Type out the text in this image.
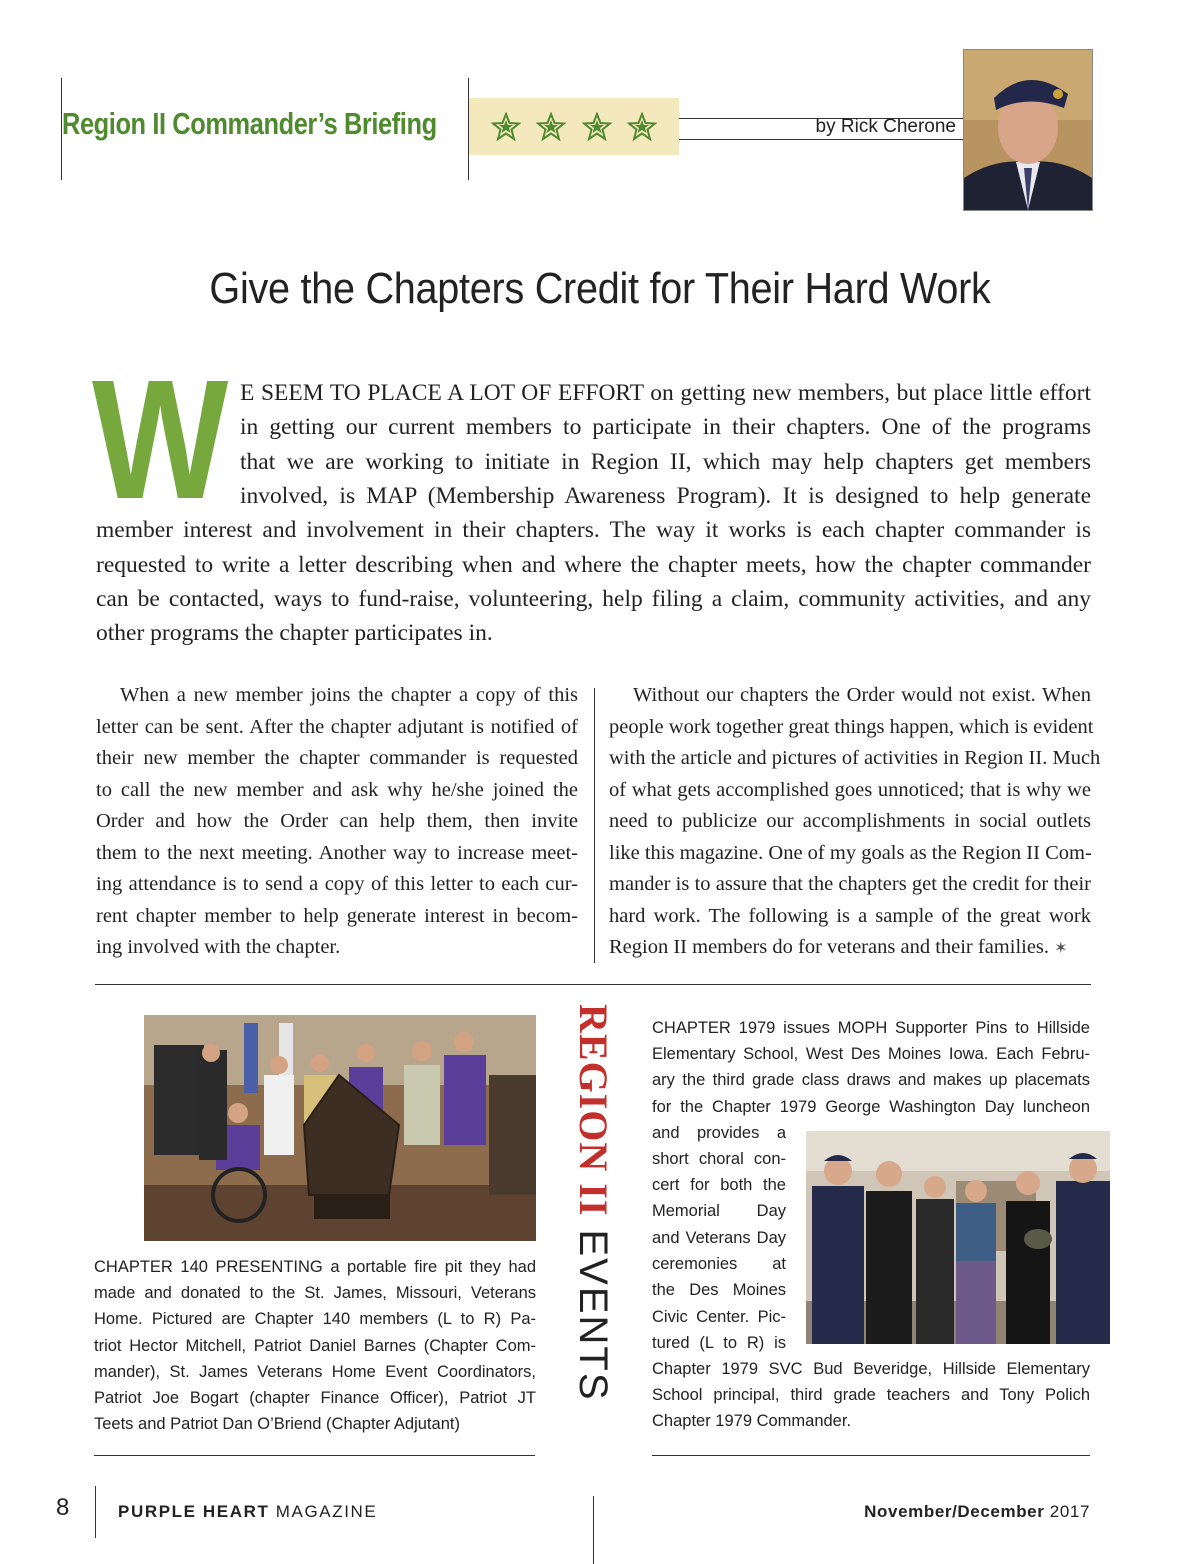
Region II Commander’s Briefing	by Rick Cherone
Give the Chapters Credit for Their Hard Work
W E SEEM TO PLACE A LOT OF EFFORT on getting new members, but place little effort
in getting our current members to participate in their chapters. One of the programs
that we are working to initiate in Region II, which may help chapters get members
involved, is MAP (Membership Awareness Program). It is designed to help generate
member interest and involvement in their chapters. The way it works is each chapter commander is
requested to write a letter describing when and where the chapter meets, how the chapter commander
can be contacted, ways to fund-raise, volunteering, help filing a claim, community activities, and any
other programs the chapter participates in.
When a new member joins the chapter a copy of this
letter can be sent. After the chapter adjutant is notified of
their new member the chapter commander is requested
to call the new member and ask why he/she joined the
Order and how the Order can help them, then invite
them to the next meeting. Another way to increase meet-
ing attendance is to send a copy of this letter to each cur-
rent chapter member to help generate interest in becom-
ing involved with the chapter.
Without our chapters the Order would not exist. When
people work together great things happen, which is evident
with the article and pictures of activities in Region II. Much
of what gets accomplished goes unnoticed; that is why we
need to publicize our accomplishments in social outlets
like this magazine. One of my goals as the Region II Com-
mander is to assure that the chapters get the credit for their
hard work. The following is a sample of the great work
Region II members do for veterans and their families. ✶
CHAPTER 140 PRESENTING a portable fire pit they had
made and donated to the St. James, Missouri, Veterans
Home. Pictured are Chapter 140 members (L to R) Pa-
triot Hector Mitchell, Patriot Daniel Barnes (Chapter Com-
mander), St. James Veterans Home Event Coordinators,
Patriot Joe Bogart (chapter Finance Officer), Patriot JT
Teets and Patriot Dan O’Briend (Chapter Adjutant)
REGION II EVENTS
CHAPTER 1979 issues MOPH Supporter Pins to Hillside
Elementary School, West Des Moines Iowa. Each Febru-
ary the third grade class draws and makes up placemats
for the Chapter 1979 George Washington Day luncheon
and provides a
short choral con-
cert for both the
Memorial Day
and Veterans Day
ceremonies at
the Des Moines
Civic Center. Pic-
tured (L to R) is
Chapter 1979 SVC Bud Beveridge, Hillside Elementary
School principal, third grade teachers and Tony Polich
Chapter 1979 Commander.
8	PURPLE HEART MAGAZINE	November/December 2017
